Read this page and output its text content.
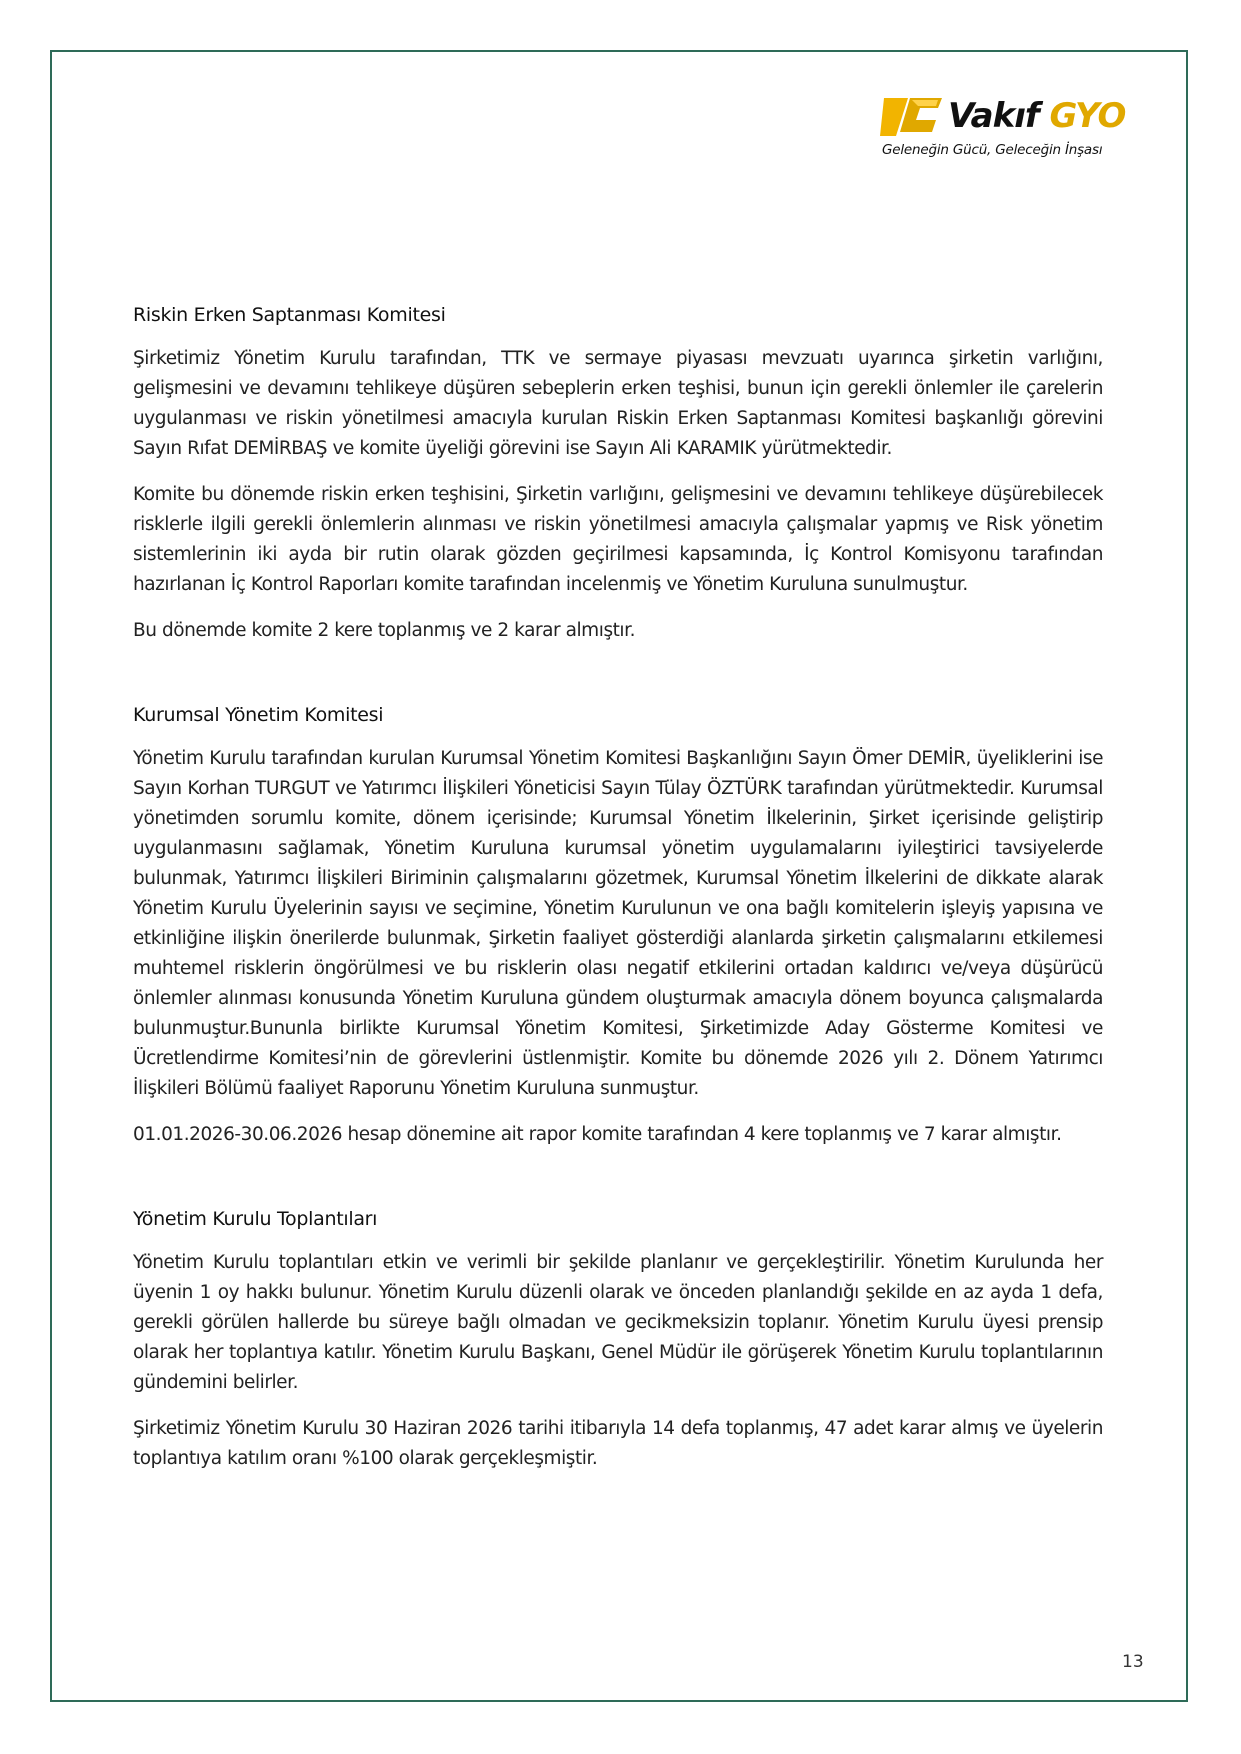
Vakıf GYO
Geleneğin Gücü, Geleceğin İnşası
Riskin Erken Saptanması Komitesi

Şirketimiz Yönetim Kurulu tarafından, TTK ve sermaye piyasası mevzuatı uyarınca şirketin varlığını, gelişmesini ve devamını tehlikeye düşüren sebeplerin erken teşhisi, bunun için gerekli önlemler ile çarelerin uygulanması ve riskin yönetilmesi amacıyla kurulan Riskin Erken Saptanması Komitesi başkanlığı görevini Sayın Rıfat DEMİRBAŞ ve komite üyeliği görevini ise Sayın Ali KARAMIK yürütmektedir.

Komite bu dönemde riskin erken teşhisini, Şirketin varlığını, gelişmesini ve devamını tehlikeye düşürebilecek risklerle ilgili gerekli önlemlerin alınması ve riskin yönetilmesi amacıyla çalışmalar yapmış ve Risk yönetim sistemlerinin iki ayda bir rutin olarak gözden geçirilmesi kapsamında, İç Kontrol Komisyonu tarafından hazırlanan İç Kontrol Raporları komite tarafından incelenmiş ve Yönetim Kuruluna sunulmuştur.

Bu dönemde komite 2 kere toplanmış ve 2 karar almıştır.

Kurumsal Yönetim Komitesi

Yönetim Kurulu tarafından kurulan Kurumsal Yönetim Komitesi Başkanlığını Sayın Ömer DEMİR, üyeliklerini ise Sayın Korhan TURGUT ve Yatırımcı İlişkileri Yöneticisi Sayın Tülay ÖZTÜRK tarafından yürütmektedir. Kurumsal yönetimden sorumlu komite, dönem içerisinde; Kurumsal Yönetim İlkelerinin, Şirket içerisinde geliştirip uygulanmasını sağlamak, Yönetim Kuruluna kurumsal yönetim uygulamalarını iyileştirici tavsiyelerde bulunmak, Yatırımcı İlişkileri Biriminin çalışmalarını gözetmek, Kurumsal Yönetim İlkelerini de dikkate alarak Yönetim Kurulu Üyelerinin sayısı ve seçimine, Yönetim Kurulunun ve ona bağlı komitelerin işleyiş yapısına ve etkinliğine ilişkin önerilerde bulunmak, Şirketin faaliyet gösterdiği alanlarda şirketin çalışmalarını etkilemesi muhtemel risklerin öngörülmesi ve bu risklerin olası negatif etkilerini ortadan kaldırıcı ve/veya düşürücü önlemler alınması konusunda Yönetim Kuruluna gündem oluşturmak amacıyla dönem boyunca çalışmalarda bulunmuştur.Bununla birlikte Kurumsal Yönetim Komitesi, Şirketimizde Aday Gösterme Komitesi ve Ücretlendirme Komitesi’nin de görevlerini üstlenmiştir. Komite bu dönemde 2026 yılı 2. Dönem Yatırımcı İlişkileri Bölümü faaliyet Raporunu Yönetim Kuruluna sunmuştur.

01.01.2026-30.06.2026 hesap dönemine ait rapor komite tarafından 4 kere toplanmış ve 7 karar almıştır.

Yönetim Kurulu Toplantıları

Yönetim Kurulu toplantıları etkin ve verimli bir şekilde planlanır ve gerçekleştirilir. Yönetim Kurulunda her üyenin 1 oy hakkı bulunur. Yönetim Kurulu düzenli olarak ve önceden planlandığı şekilde en az ayda 1 defa, gerekli görülen hallerde bu süreye bağlı olmadan ve gecikmeksizin toplanır. Yönetim Kurulu üyesi prensip olarak her toplantıya katılır. Yönetim Kurulu Başkanı, Genel Müdür ile görüşerek Yönetim Kurulu toplantılarının gündemini belirler.

Şirketimiz Yönetim Kurulu 30 Haziran 2026 tarihi itibarıyla 14 defa toplanmış, 47 adet karar almış ve üyelerin toplantıya katılım oranı %100 olarak gerçekleşmiştir.

13
